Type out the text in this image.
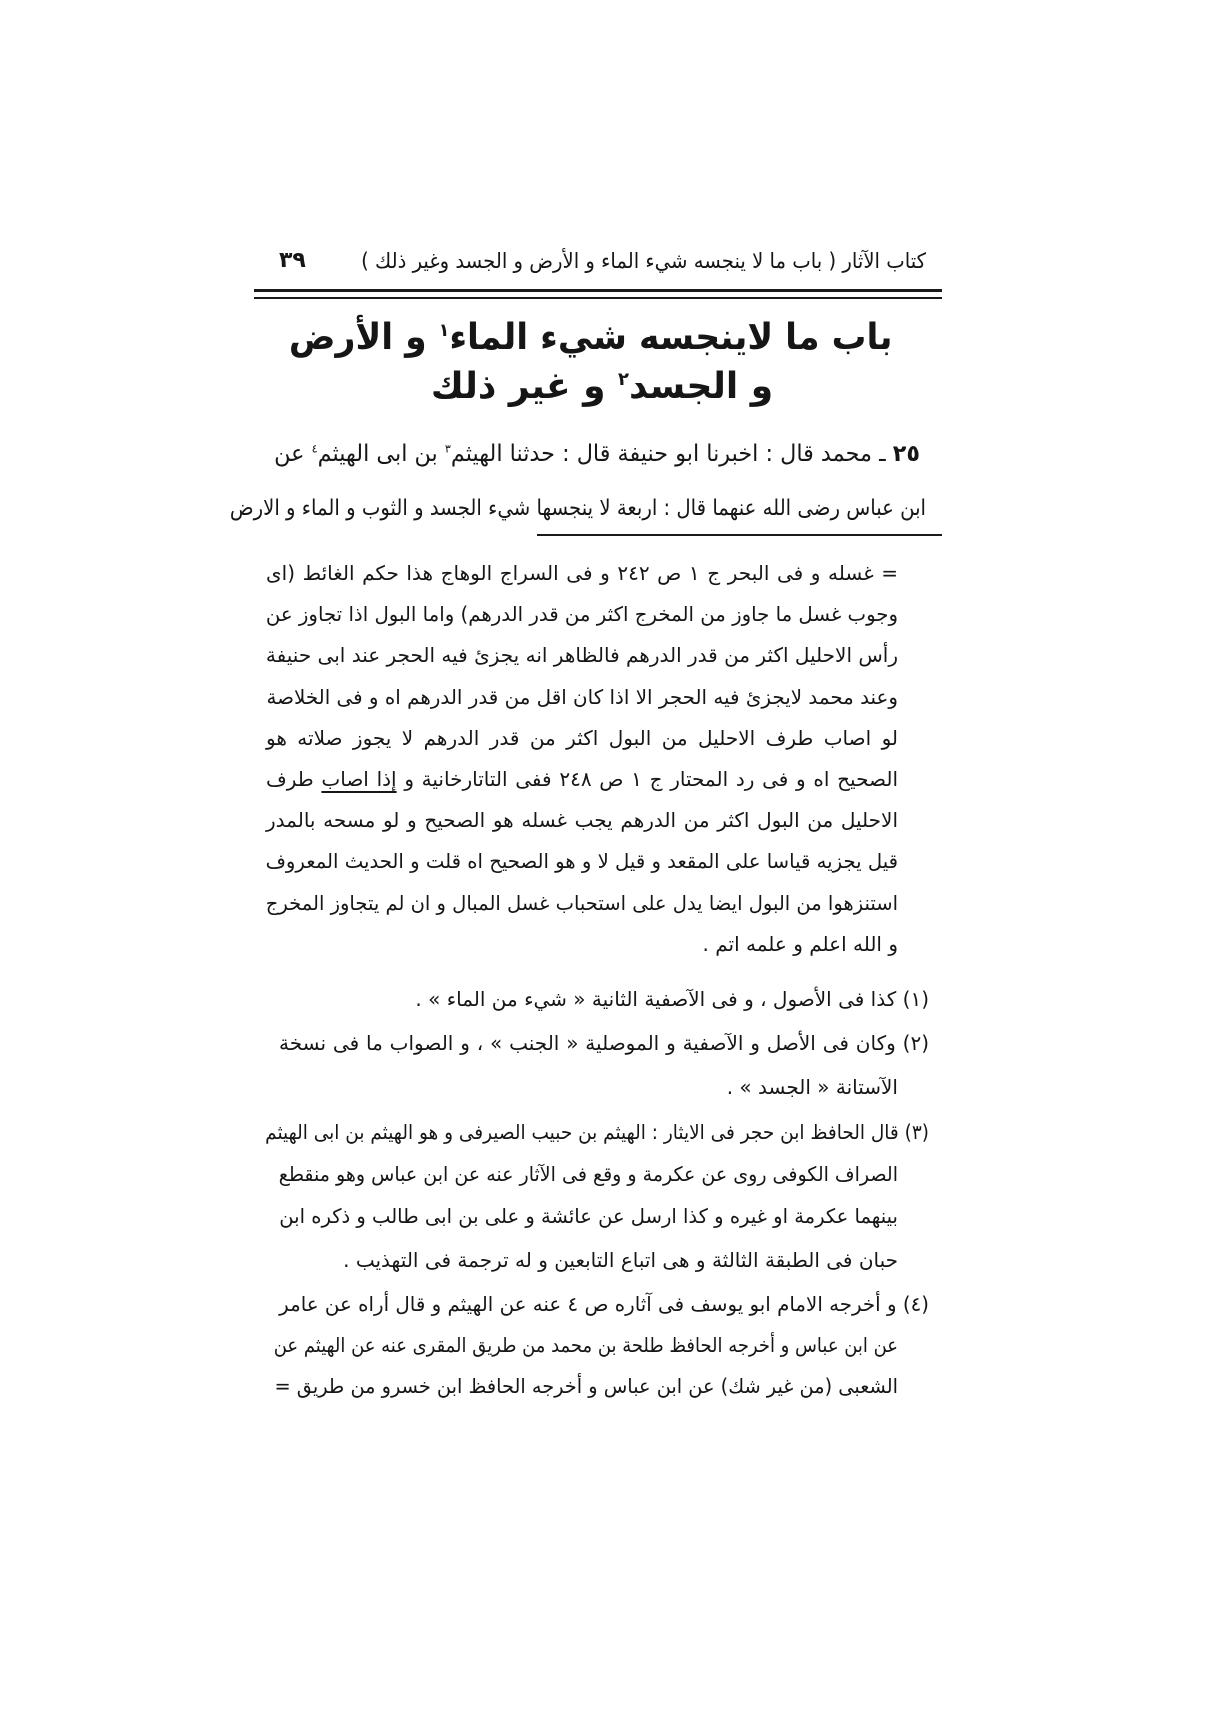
كتاب الآثار ( باب ما لا ينجسه شيء الماء و الأرض و الجسد وغير ذلك )
٣٩
باب ما لاينجسه شيء الماء$^١$ و الأرض
و الجسد$^٢$ و غير ذلك
٢٥ ـ محمد قال : اخبرنا ابو حنيفة قال : حدثنا الهيثم$^٣$ بن ابى الهيثم$^٤$ عن
ابن عباس رضى الله عنهما قال : اربعة لا ينجسها شيء الجسد و الثوب و الماء و الارض
= غسله و فى البحر ج ١ ص ٢٤٢ و فى السراج الوهاج هذا حكم الغائط (اى
وجوب غسل ما جاوز من المخرج اكثر من قدر الدرهم) واما البول اذا تجاوز عن
رأس الاحليل اكثر من قدر الدرهم فالظاهر انه يجزئ فيه الحجر عند ابى حنيفة
وعند محمد لايجزئ فيه الحجر الا اذا كان اقل من قدر الدرهم اه و فى الخلاصة
لو اصاب طرف الاحليل من البول اكثر من قدر الدرهم لا يجوز صلاته هو
الصحيح اه و فى رد المحتار ج ١ ص ٢٤٨ ففى التاتارخانية و إذا اصاب طرف
الاحليل من البول اكثر من الدرهم يجب غسله هو الصحيح و لو مسحه بالمدر
قيل يجزيه قياسا على المقعد و قيل لا و هو الصحيح اه قلت و الحديث المعروف
استنزهوا من البول ايضا يدل على استحباب غسل المبال و ان لم يتجاوز المخرج
و الله اعلم و علمه اتم .
(١) كذا فى الأصول ، و فى الآصفية الثانية « شيء من الماء » .
(٢) وكان فى الأصل و الآصفية و الموصلية « الجنب » ، و الصواب ما فى نسخة
الآستانة « الجسد » .
(٣) قال الحافظ ابن حجر فى الايثار : الهيثم بن حبيب الصيرفى و هو الهيثم بن ابى الهيثم
الصراف الكوفى روى عن عكرمة و وقع فى الآثار عنه عن ابن عباس وهو منقطع
بينهما عكرمة او غيره و كذا ارسل عن عائشة و على بن ابى طالب و ذكره ابن
حبان فى الطبقة الثالثة و هى اتباع التابعين و له ترجمة فى التهذيب .
(٤) و أخرجه الامام ابو يوسف فى آثاره ص ٤ عنه عن الهيثم و قال أراه عن عامر
عن ابن عباس و أخرجه الحافظ طلحة بن محمد من طريق المقرى عنه عن الهيثم عن
الشعبى (من غير شك) عن ابن عباس و أخرجه الحافظ ابن خسرو من طريق =
